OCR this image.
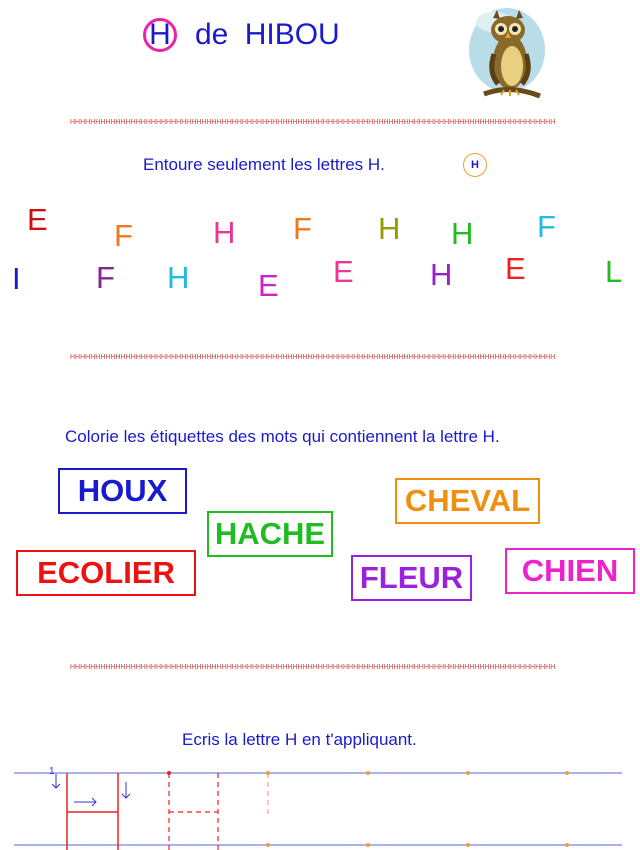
H de HIBOU
HHHHHHHHHHHHHHHHHHHHHHHHHHHHHHHHHHHHHHHHHHHHHHHHHHHHHHHHHHHHHHHHHHHHHHHHHHHHHHHHHHHHHHHHHHHHHHHH
Entoure seulement les lettres H.	H
E F	H F H H F
I F H E E H E	L
HHHHHHHHHHHHHHHHHHHHHHHHHHHHHHHHHHHHHHHHHHHHHHHHHHHHHHHHHHHHHHHHHHHHHHHHHHHHHHHHHHHHHHHHHHHHHHHH
Colorie les étiquettes des mots qui contiennent la lettre H.
HOUX	CHEVAL
HACHE
ECOLIER	FLEUR	CHIEN
HHHHHHHHHHHHHHHHHHHHHHHHHHHHHHHHHHHHHHHHHHHHHHHHHHHHHHHHHHHHHHHHHHHHHHHHHHHHHHHHHHHHHHHHHHHHHHHH
Ecris la lettre H en t'appliquant.
1
